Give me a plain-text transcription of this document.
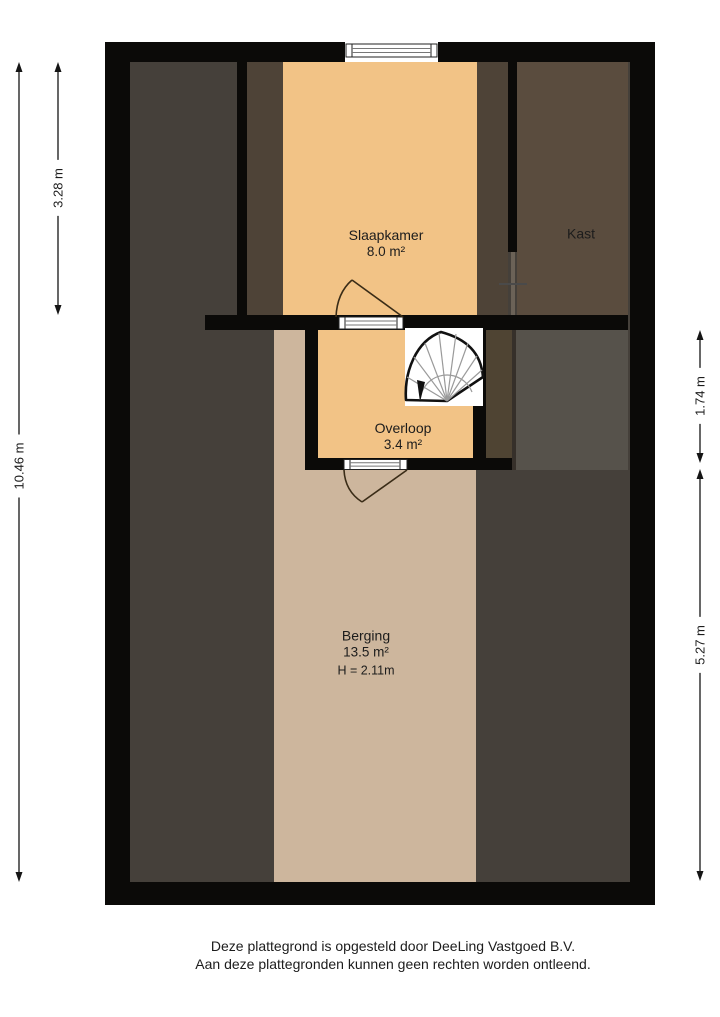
Slaapkamer
8.0 m²
Kast
Overloop
3.4 m²
Berging
13.5 m²
H = 2.11m
10.46 m
3.28 m
1.74 m
5.27 m
Deze plattegrond is opgesteld door DeeLing Vastgoed B.V.
Aan deze plattegronden kunnen geen rechten worden ontleend.
